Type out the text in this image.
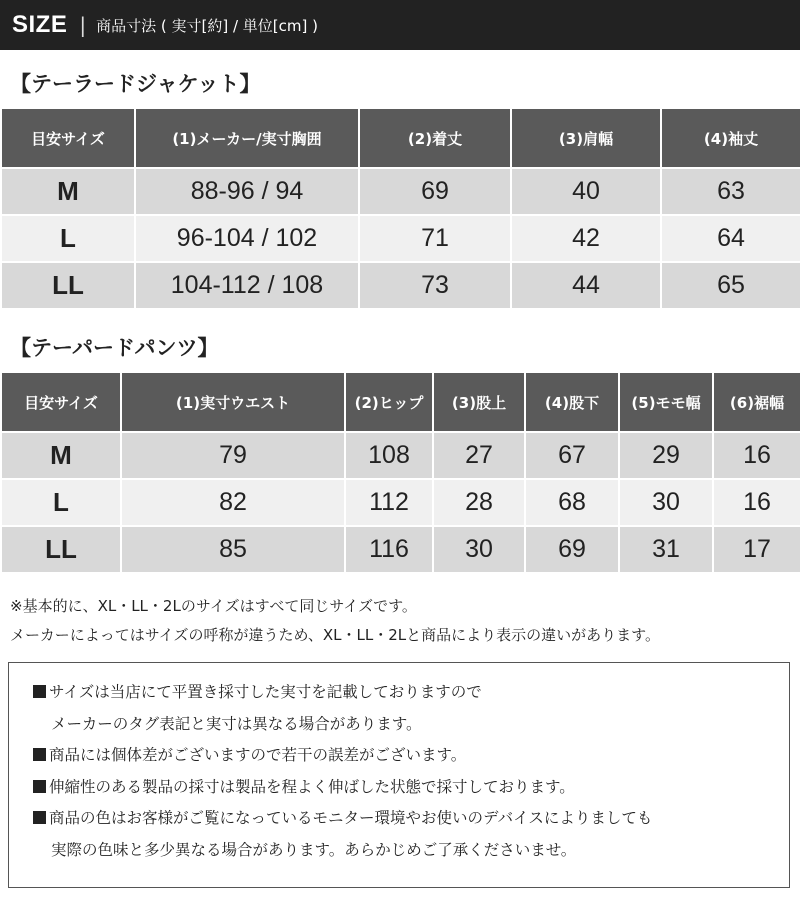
SIZE | 商品寸法 ( 実寸[約] / 単位[cm] )
【テーラードジャケット】
目安サイズ	(1)メーカー/実寸胸囲	(2)着丈	(3)肩幅	(4)袖丈
M	88-96 / 94	69	40	63
L	96-104 / 102	71	42	64
LL	104-112 / 108	73	44	65
【テーパードパンツ】
目安サイズ	(1)実寸ウエスト	(2)ヒップ	(3)股上	(4)股下	(5)モモ幅	(6)裾幅
M	79	108	27	67	29	16
L	82	112	28	68	30	16
LL	85	116	30	69	31	17
※基本的に、XL・LL・2Lのサイズはすべて同じサイズです。
メーカーによってはサイズの呼称が違うため、XL・LL・2Lと商品により表示の違いがあります。
サイズは当店にて平置き採寸した実寸を記載しておりますので
メーカーのタグ表記と実寸は異なる場合があります。
商品には個体差がございますので若干の誤差がございます。
伸縮性のある製品の採寸は製品を程よく伸ばした状態で採寸しております。
商品の色はお客様がご覧になっているモニター環境やお使いのデバイスによりましても
実際の色味と多少異なる場合があります。あらかじめご了承くださいませ。
